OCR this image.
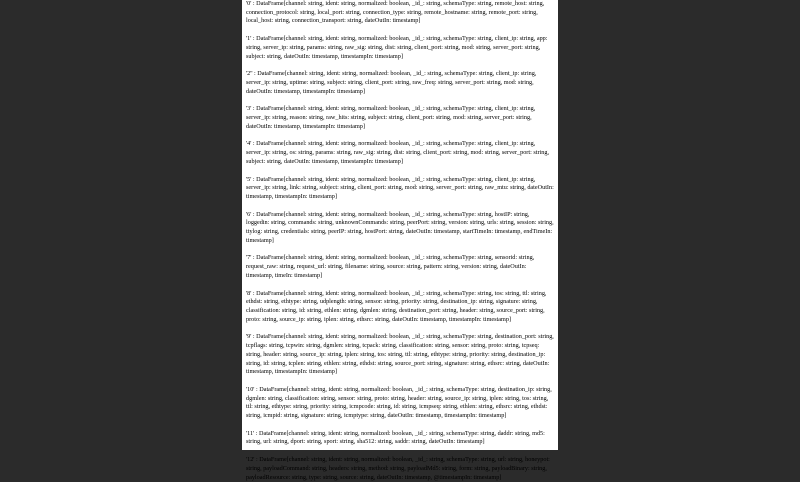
'0' : DataFrame[channel: string, ident: string, normalized: boolean, _id_: string, schemaType: string, remote_host: string, connection_protocol: string, local_port: string, connection_type: string, remote_hostname: string, remote_port: string, local_host: string, connection_transport: string, dateOutIn: timestamp]

'1' : DataFrame[channel: string, ident: string, normalized: boolean, _id_: string, schemaType: string, client_ip: string, app: string, server_ip: string, params: string, raw_sig: string, dist: string, client_port: string, mod: string, server_port: string, subject: string, dateOutIn: timestamp, timestampIn: timestamp]

'2'' : DataFrame[channel: string, ident: string, normalized: boolean, _id_: string, schemaType: string, client_ip: string, server_ip: string, uptime: string, subject: string, client_port: string, raw_freq: string, server_port: string, mod: string, dateOutIn: timestamp, timestampIn: timestamp]

'3' : DataFrame[channel: string, ident: string, normalized: boolean, _id_: string, schemaType: string, client_ip: string, server_ip: string, reason: string, raw_hits: string, subject: string, client_port: string, mod: string, server_port: string, dateOutIn: timestamp, timestampIn: timestamp]

'4' : DataFrame[channel: string, ident: string, normalized: boolean, _id_: string, schemaType: string, client_ip: string, server_ip: string, os: string, params: string, raw_sig: string, dist: string, client_port: string, mod: string, server_port: string, subject: string, dateOutIn: timestamp, timestampIn: timestamp]

'5' : DataFrame[channel: string, ident: string, normalized: boolean, _id_: string, schemaType: string, client_ip: string, server_ip: string, link: string, subject: string, client_port: string, mod: string, server_port: string, raw_mtu: string, dateOutIn: timestamp, timestampIn: timestamp]

'6' : DataFrame[channel: string, ident: string, normalized: boolean, _id_: string, schemaType: string, hostIP: string, loggedin: string, commands: string, unknownCommands: string, peerPort: string, version: string, urls: string, session: string, ttylog: string, credentials: string, peerIP: string, hostPort: string, dateOutIn: timestamp, startTimeIn: timestamp, endTimeIn: timestamp]

'7' : DataFrame[channel: string, ident: string, normalized: boolean, _id_: string, schemaType: string, sensorid: string, request_raw: string, request_url: string, filename: string, source: string, pattern: string, version: string, dateOutIn: timestamp, timeIn: timestamp]

'8' : DataFrame[channel: string, ident: string, normalized: boolean, _id_: string, schemaType: string, tos: string, ttl: string, ethdst: string, ethtype: string, udplength: string, sensor: string, priority: string, destination_ip: string, signature: string, classification: string, id: string, ethlen: string, dgmlen: string, destination_port: string, header: string, source_port: string, proto: string, source_ip: string, iplen: string, ethsrc: string, dateOutIn: timestamp, timestampIn: timestamp]

'9' : DataFrame[channel: string, ident: string, normalized: boolean, _id_: string, schemaType: string, destination_port: string, tcpflags: string, tcpwin: string, dgmlen: string, tcpack: string, classification: string, sensor: string, proto: string, tcpseq: string, header: string, source_ip: string, iplen: string, tos: string, ttl: string, ethtype: string, priority: string, destination_ip: string, id: string, tcplen: string, ethlen: string, ethdst: string, source_port: string, signature: string, ethsrc: string, dateOutIn: timestamp, timestampIn: timestamp]

'10' : DataFrame[channel: string, ident: string, normalized: boolean, _id_: string, schemaType: string, destination_ip: string, dgmlen: string, classification: string, sensor: string, proto: string, header: string, source_ip: string, iplen: string, tos: string, ttl: string, ethtype: string, priority: string, icmpcode: string, id: string, icmpseq: string, ethlen: string, ethsrc: string, ethdst: string, icmpid: string, signature: string, icmptype: string, dateOutIn: timestamp, timestampIn: timestamp]

'11' : DataFrame[channel: string, ident: string, normalized: boolean, _id_: string, schemaType: string, daddr: string, md5: string, url: string, dport: string, sport: string, sha512: string, saddr: string, dateOutIn: timestamp]

'12' : DataFrame[channel: string, ident: string, normalized: boolean, _id_: string, schemaType: string, url: string, honeypot: string, payloadCommand: string, headers: string, method: string, payloadMd5: string, form: string, payloadBinary: string, payloadResource: string, type: string, source: string, dateOutIn: timestamp, @timestampIn: timestamp]
